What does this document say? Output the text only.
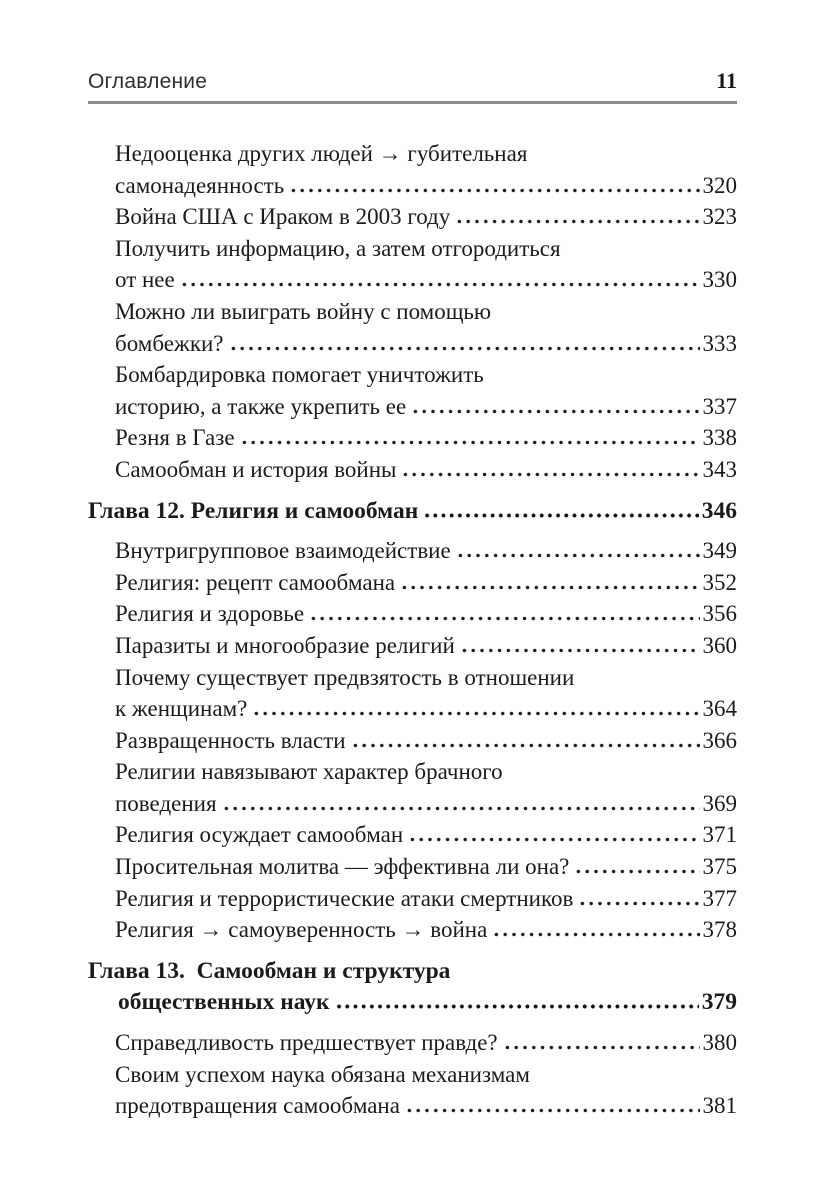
Оглавление	11
Недооценка других людей → губительная
самонадеянность	320
Война США с Ираком в 2003 году	323
Получить информацию, а затем отгородиться
от нее	330
Можно ли выиграть войну с помощью
бомбежки?	333
Бомбардировка помогает уничтожить
историю, а также укрепить ее	337
Резня в Газе	338
Самообман и история войны	343
Глава 12. Религия и самообман	346
Внутригрупповое взаимодействие	349
Религия: рецепт самообмана	352
Религия и здоровье	356
Паразиты и многообразие религий	360
Почему существует предвзятость в отношении
к женщинам?	364
Развращенность власти	366
Религии навязывают характер брачного
поведения	369
Религия осуждает самообман	371
Просительная молитва — эффективна ли она?	375
Религия и террористические атаки смертников	377
Религия → самоуверенность → война	378
Глава 13.  Самообман и структура
общественных наук	379
Справедливость предшествует правде?	380
Своим успехом наука обязана механизмам
предотвращения самообмана	381
